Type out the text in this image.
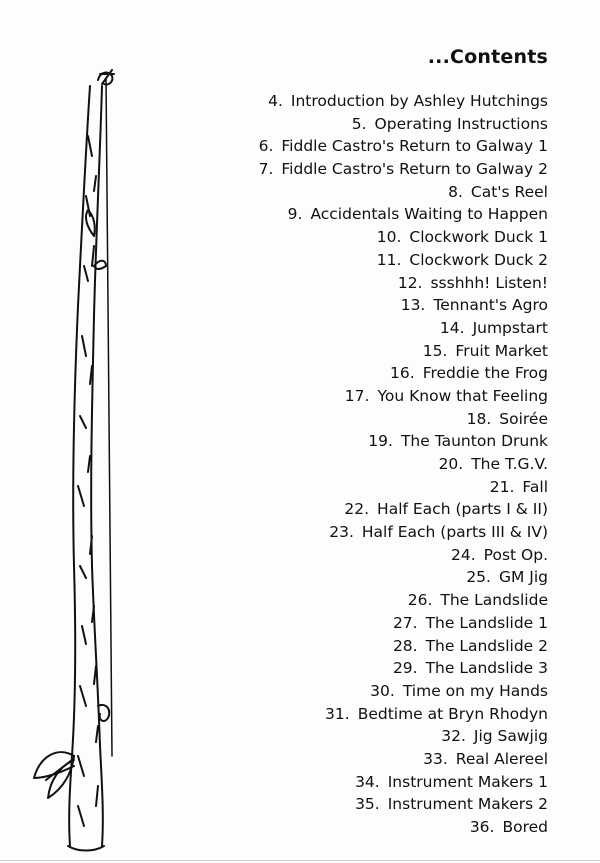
...Contents
4. Introduction by Ashley Hutchings
5. Operating Instructions
6. Fiddle Castro's Return to Galway 1
7. Fiddle Castro's Return to Galway 2
8. Cat's Reel
9. Accidentals Waiting to Happen
10. Clockwork Duck 1
11. Clockwork Duck 2
12. ssshhh! Listen!
13. Tennant's Agro
14. Jumpstart
15. Fruit Market
16. Freddie the Frog
17. You Know that Feeling
18. Soirée
19. The Taunton Drunk
20. The T.G.V.
21. Fall
22. Half Each (parts I & II)
23. Half Each (parts III & IV)
24. Post Op.
25. GM Jig
26. The Landslide
27. The Landslide 1
28. The Landslide 2
29. The Landslide 3
30. Time on my Hands
31. Bedtime at Bryn Rhodyn
32. Jig Sawjig
33. Real Alereel
34. Instrument Makers 1
35. Instrument Makers 2
36. Bored
